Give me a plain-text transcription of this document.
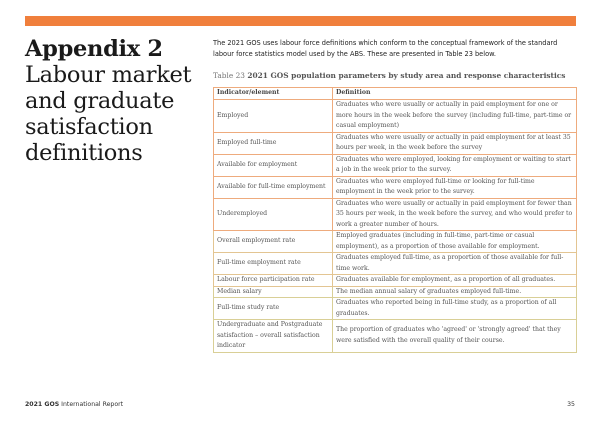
Appendix 2
Labour market
and graduate
satisfaction
definitions
The 2021 GOS uses labour force definitions which conform to the conceptual framework of the standard labour force statistics model used by the ABS. These are presented in Table 23 below.
Table 23 2021 GOS population parameters by study area and response characteristics
Indicator/element	Definition
Employed	Graduates who were usually or actually in paid employment for one or more hours in the week before the survey (including full-time, part-time or casual employment)
Employed full-time	Graduates who were usually or actually in paid employment for at least 35 hours per week, in the week before the survey
Available for employment	Graduates who were employed, looking for employment or waiting to start a job in the week prior to the survey.
Available for full-time employment	Graduates who were employed full-time or looking for full-time employment in the week prior to the survey.
Underemployed	Graduates who were usually or actually in paid employment for fewer than 35 hours per week, in the week before the survey, and who would prefer to work a greater number of hours.
Overall employment rate	Employed graduates (including in full-time, part-time or casual employment), as a proportion of those available for employment.
Full-time employment rate	Graduates employed full-time, as a proportion of those available for full-time work.
Labour force participation rate	Graduates available for employment, as a proportion of all graduates.
Median salary	The median annual salary of graduates employed full-time.
Full-time study rate	Graduates who reported being in full-time study, as a proportion of all graduates.
Undergraduate and Postgraduate satisfaction – overall satisfaction indicator	The proportion of graduates who 'agreed' or 'strongly agreed' that they were satisfied with the overall quality of their course.
2021 GOS International Report	35
